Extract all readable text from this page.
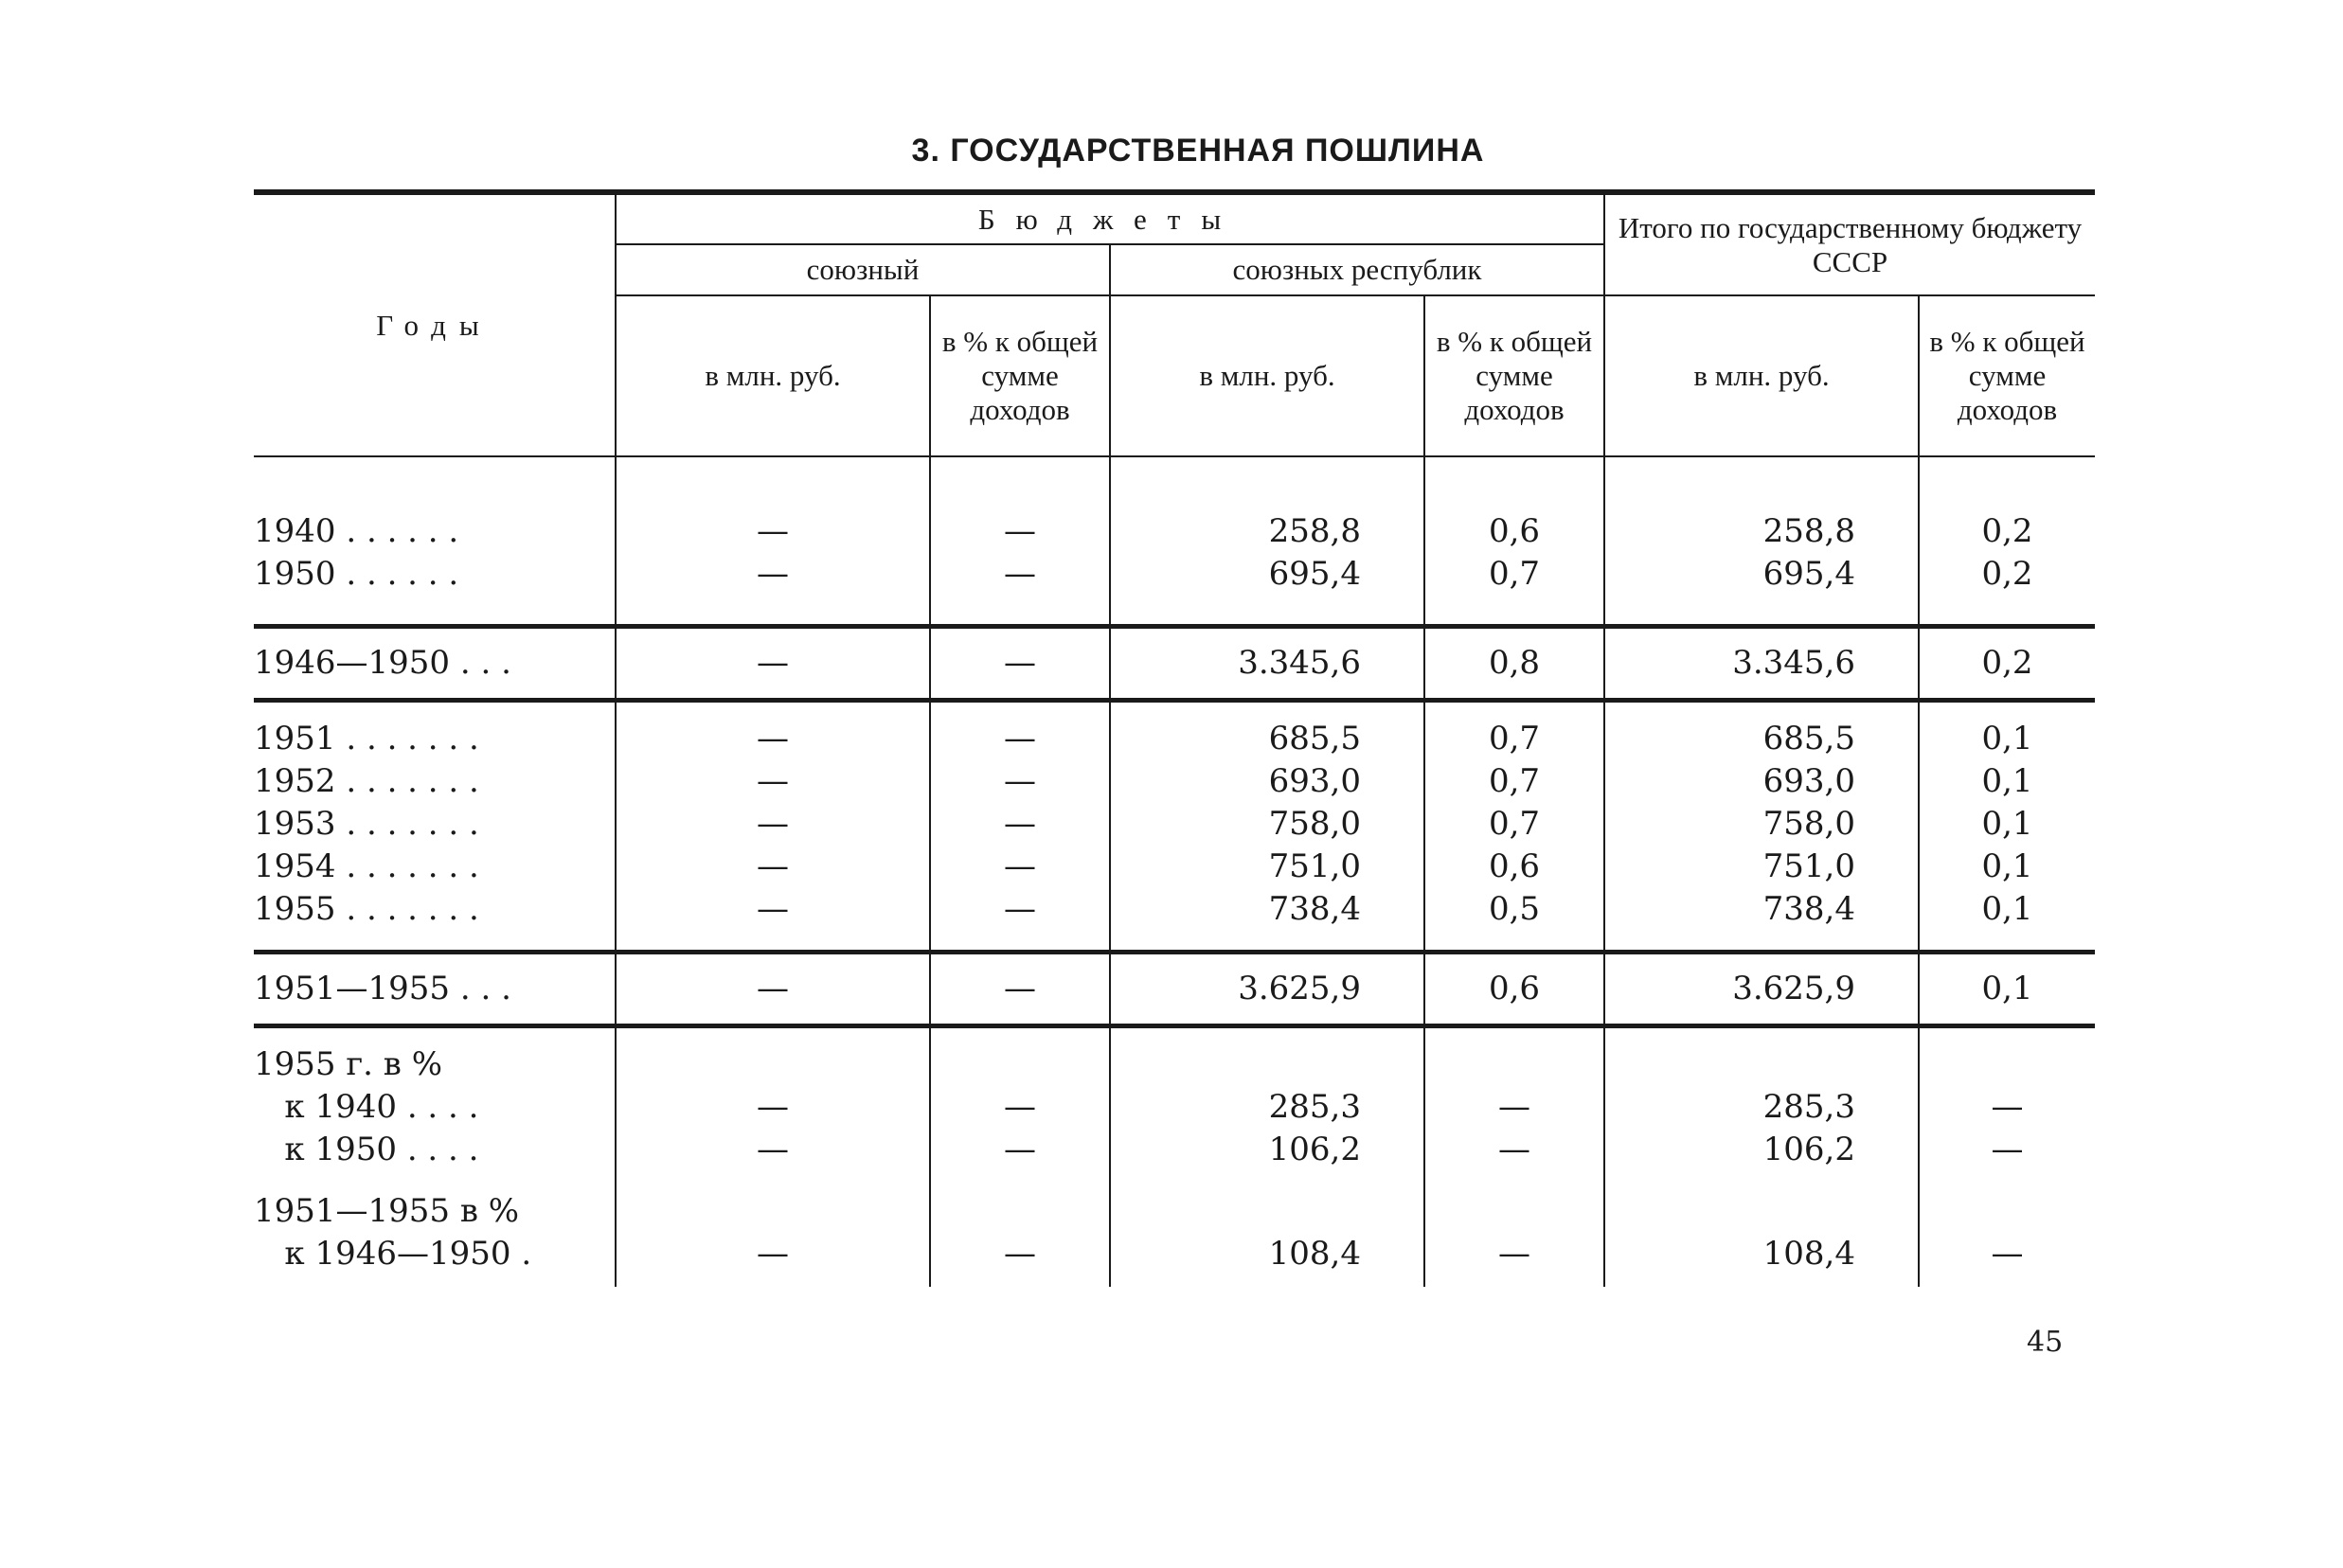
3. ГОСУДАРСТВЕННАЯ ПОШЛИНА
Годы	Бюджеты				Итого по государственному бюджету СССР	
	союзный		союзных республик			
	в млн. руб.	в % к общей сумме доходов	в млн. руб.	в % к общей сумме доходов	в млн. руб.	в % к общей сумме доходов
1940 . . . . . .	—	—	258,8	0,6	258,8	0,2
1950 . . . . . .	—	—	695,4	0,7	695,4	0,2
1946—1950 . . .	—	—	3.345,6	0,8	3.345,6	0,2
1951 . . . . . . .	—	—	685,5	0,7	685,5	0,1
1952 . . . . . . .	—	—	693,0	0,7	693,0	0,1
1953 . . . . . . .	—	—	758,0	0,7	758,0	0,1
1954 . . . . . . .	—	—	751,0	0,6	751,0	0,1
1955 . . . . . . .	—	—	738,4	0,5	738,4	0,1
1951—1955 . . .	—	—	3.625,9	0,6	3.625,9	0,1
1955 г. в %						
к 1940 . . . .	—	—	285,3	—	285,3	—
к 1950 . . . .	—	—	106,2	—	106,2	—
1951—1955 в %						
к 1946—1950 .	—	—	108,4	—	108,4	—
45
